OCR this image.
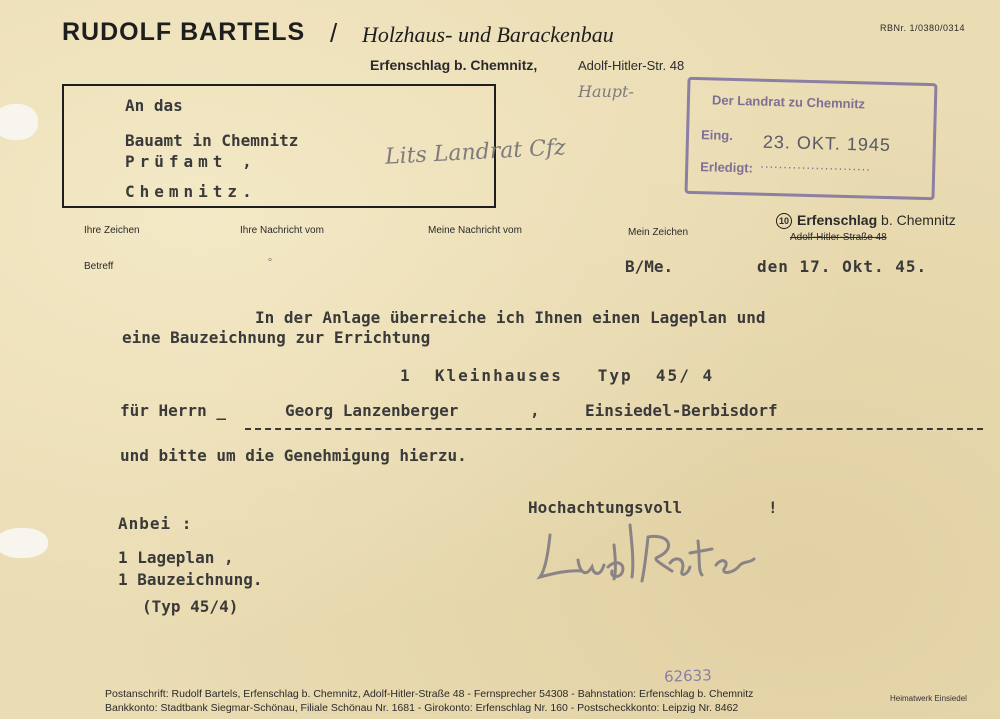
RUDOLF BARTELS / Holzhaus- und Barackenbau
Erfenschlag b. Chemnitz,	Adolf-Hitler-Str. 48
RBNr. 1/0380/0314
An das
Bauamt in Chemnitz
Prüfamt ,
Chemnitz.
Haupt-
Lits Landrat Cfz
Der Landrat zu Chemnitz
Eing. 23. OKT. 1945
Erledigt: ........................
Ihre Zeichen	Ihre Nachricht vom	Meine Nachricht vom	Mein Zeichen
Betreff	°
10 Erfenschlag b. Chemnitz
Adolf-Hitler-Straße 48
B/Me.	den 17. Okt. 45.
In der Anlage überreiche ich Ihnen einen Lageplan und
eine Bauzeichnung zur Errichtung
1  Kleinhauses   Typ  45/ 4
für Herrn _	Georg Lanzenberger	,	Einsiedel-Berbisdorf
und bitte um die Genehmigung hierzu.
Hochachtungsvoll	!
Anbei :
1 Lageplan ,
1 Bauzeichnung.
(Typ 45/4)
62633
Postanschrift: Rudolf Bartels, Erfenschlag b. Chemnitz, Adolf-Hitler-Straße 48 - Fernsprecher 54308 - Bahnstation: Erfenschlag b. Chemnitz
Bankkonto: Stadtbank Siegmar-Schönau, Filiale Schönau Nr. 1681 - Girokonto: Erfenschlag Nr. 160 - Postscheckkonto: Leipzig Nr. 8462
Heimatwerk Einsiedel
